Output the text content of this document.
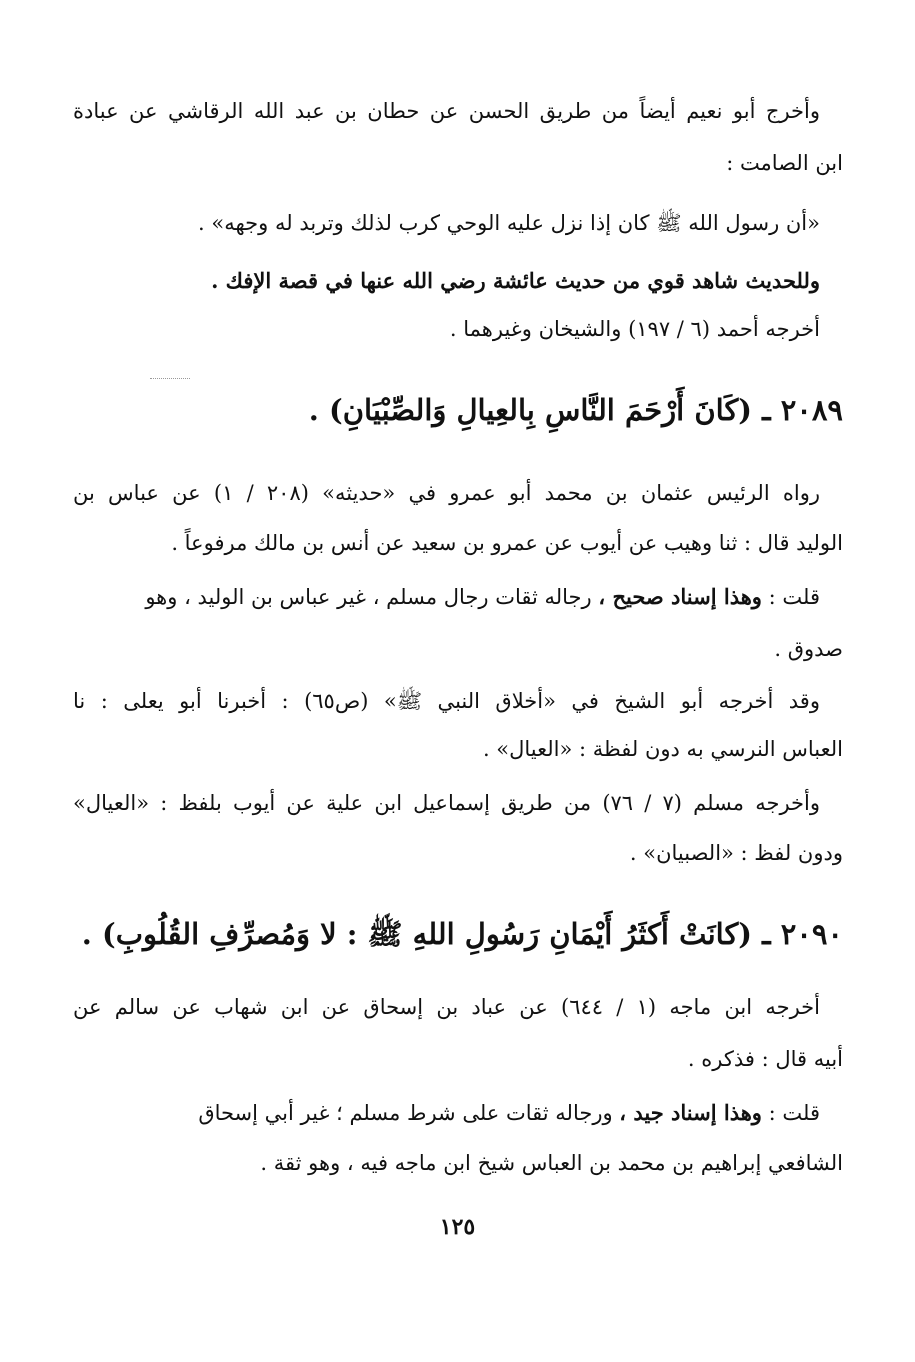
وأخرج أبو نعيم أيضاً من طريق الحسن عن حطان بن عبد الله الرقاشي عن عبادة

ابن الصامت :

«أن رسول الله ﷺ كان إذا نزل عليه الوحي كرب لذلك وتربد له وجهه» .

وللحديث شاهد قوي من حديث عائشة رضي الله عنها في قصة الإفك .

أخرجه أحمد (٦ / ١٩٧) والشيخان وغيرهما .

٢٠٨٩ ـ (كَانَ أَرْحَمَ النَّاسِ بِالعِيالِ وَالصِّبْيَانِ) .

رواه الرئيس عثمان بن محمد أبو عمرو في «حديثه» (٢٠٨ / ١) عن عباس بن

الوليد قال : ثنا وهيب عن أيوب عن عمرو بن سعيد عن أنس بن مالك مرفوعاً .

قلت : وهذا إسناد صحيح ، رجاله ثقات رجال مسلم ، غير عباس بن الوليد ، وهو

صدوق .

وقد أخرجه أبو الشيخ في «أخلاق النبي ﷺ» (ص٦٥) : أخبرنا أبو يعلى : نا

العباس النرسي به دون لفظة : «العيال» .

وأخرجه مسلم (٧ / ٧٦) من طريق إسماعيل ابن علية عن أيوب بلفظ : «العيال»

ودون لفظ : «الصبيان» .

٢٠٩٠ ـ (كانَتْ أَكثَرُ أَيْمَانِ رَسُولِ اللهِ ﷺ : لا وَمُصرِّفِ القُلُوبِ) .

أخرجه ابن ماجه (١ / ٦٤٤) عن عباد بن إسحاق عن ابن شهاب عن سالم عن

أبيه قال : فذكره .

قلت : وهذا إسناد جيد ، ورجاله ثقات على شرط مسلم ؛ غير أبي إسحاق

الشافعي إبراهيم بن محمد بن العباس شيخ ابن ماجه فيه ، وهو ثقة .

١٢٥
